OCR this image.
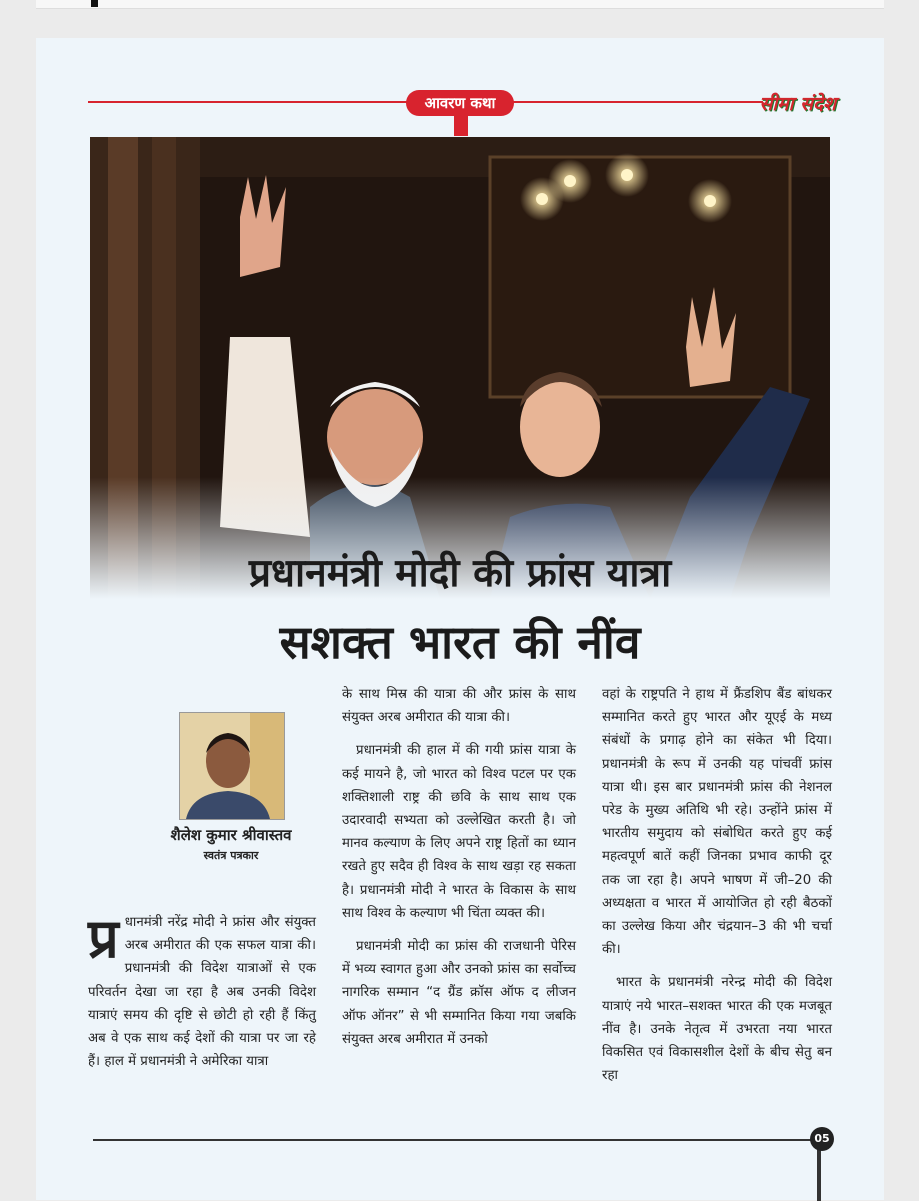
आवरण कथा	सीमा संदेश
प्रधानमंत्री मोदी की फ्रांस यात्रा
सशक्त भारत की नींव
शैलेश कुमार श्रीवास्तव
स्वतंत्र पत्रकार

प्र धानमंत्री नरेंद्र मोदी ने फ्रांस और संयुक्त अरब अमीरात की एक सफल यात्रा की। प्रधानमंत्री की विदेश यात्राओं से एक परिवर्तन देखा जा रहा है अब उनकी विदेश यात्राएं समय की दृष्टि से छोटी हो रही हैं किंतु अब वे एक साथ कई देशों की यात्रा पर जा रहे हैं। हाल में प्रधानमंत्री ने अमेरिका यात्रा

के साथ मिस्र की यात्रा की और फ्रांस के साथ संयुक्त अरब अमीरात की यात्रा की।

प्रधानमंत्री की हाल में की गयी फ्रांस यात्रा के कई मायने है, जो भारत को विश्व पटल पर एक शक्तिशाली राष्ट्र की छवि के साथ साथ एक उदारवादी सभ्यता को उल्लेखित करती है। जो मानव कल्याण के लिए अपने राष्ट्र हितों का ध्यान रखते हुए सदैव ही विश्व के साथ खड़ा रह सकता है। प्रधानमंत्री मोदी ने भारत के विकास के साथ साथ विश्व के कल्याण भी चिंता व्यक्त की।

प्रधानमंत्री मोदी का फ्रांस की राजधानी पेरिस में भव्य स्वागत हुआ और उनको फ्रांस का सर्वोच्च नागरिक सम्मान “द ग्रैंड क्रॉस ऑफ द लीजन ऑफ ऑनर” से भी सम्मानित किया गया जबकि संयुक्त अरब अमीरात में उनको

वहां के राष्ट्रपति ने हाथ में फ्रैंडशिप बैंड बांधकर सम्मानित करते हुए भारत और यूएई के मध्य संबंधों के प्रगाढ़ होने का संकेत भी दिया। प्रधानमंत्री के रूप में उनकी यह पांचवीं फ्रांस यात्रा थी। इस बार प्रधानमंत्री फ्रांस की नेशनल परेड के मुख्य अतिथि भी रहे। उन्होंने फ्रांस में भारतीय समुदाय को संबोधित करते हुए कई महत्वपूर्ण बातें कहीं जिनका प्रभाव काफी दूर तक जा रहा है। अपने भाषण में जी–20 की अध्यक्षता व भारत में आयोजित हो रही बैठकों का उल्लेख किया और चंद्रयान–3 की भी चर्चा की।

भारत के प्रधानमंत्री नरेन्द्र मोदी की विदेश यात्राएं नये भारत–सशक्त भारत की एक मजबूत नींव है। उनके नेतृत्व में उभरता नया भारत विकसित एवं विकासशील देशों के बीच सेतु बन रहा

05
